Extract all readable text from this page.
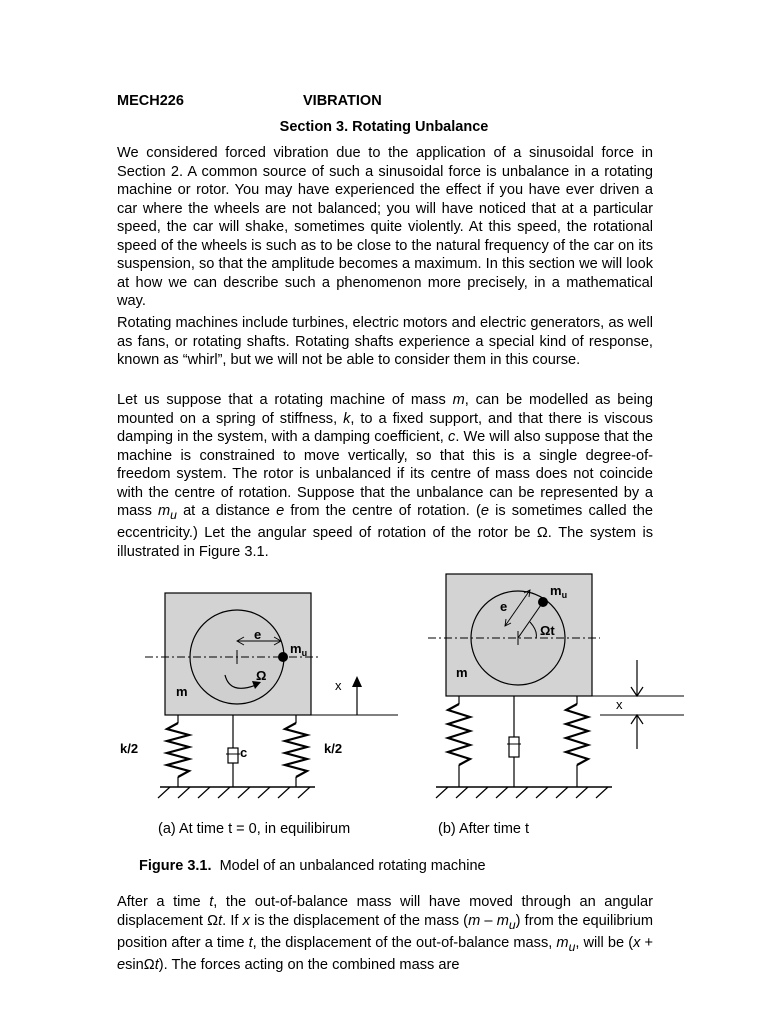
MECH226	VIBRATION
Section 3. Rotating Unbalance

We considered forced vibration due to the application of a sinusoidal force in Section 2. A common source of such a sinusoidal force is unbalance in a rotating machine or rotor. You may have experienced the effect if you have ever driven a car where the wheels are not balanced; you will have noticed that at a particular speed, the car will shake, sometimes quite violently. At this speed, the rotational speed of the wheels is such as to be close to the natural frequency of the car on its suspension, so that the amplitude becomes a maximum. In this section we will look at how we can describe such a phenomenon more precisely, in a mathematical way.

Rotating machines include turbines, electric motors and electric generators, as well as fans, or rotating shafts. Rotating shafts experience a special kind of response, known as “whirl”, but we will not be able to consider them in this course.

Let us suppose that a rotating machine of mass m, can be modelled as being mounted on a spring of stiffness, k, to a fixed support, and that there is viscous damping in the system, with a damping coefficient, c. We will also suppose that the machine is constrained to move vertically, so that this is a single degree-of-freedom system. The rotor is unbalanced if its centre of mass does not coincide with the centre of rotation. Suppose that the unbalance can be represented by a mass $m_u$ at a distance e from the centre of rotation. (e is sometimes called the eccentricity.) Let the angular speed of rotation of the rotor be Ω. The system is illustrated in Figure 3.1.

e
$m_u$
Ω
m
k/2	c	k/2
x
e
$m_u$
Ωt
m
x
(a) At time t = 0, in equilibirum	(b) After time t
Figure 3.1.  Model of an unbalanced rotating machine

After a time t, the out-of-balance mass will have moved through an angular displacement Ωt. If x is the displacement of the mass $(m - m_u)$ from the equilibrium position after a time t, the displacement of the out-of-balance mass, $m_u$, will be (x + esinΩt). The forces acting on the combined mass are
